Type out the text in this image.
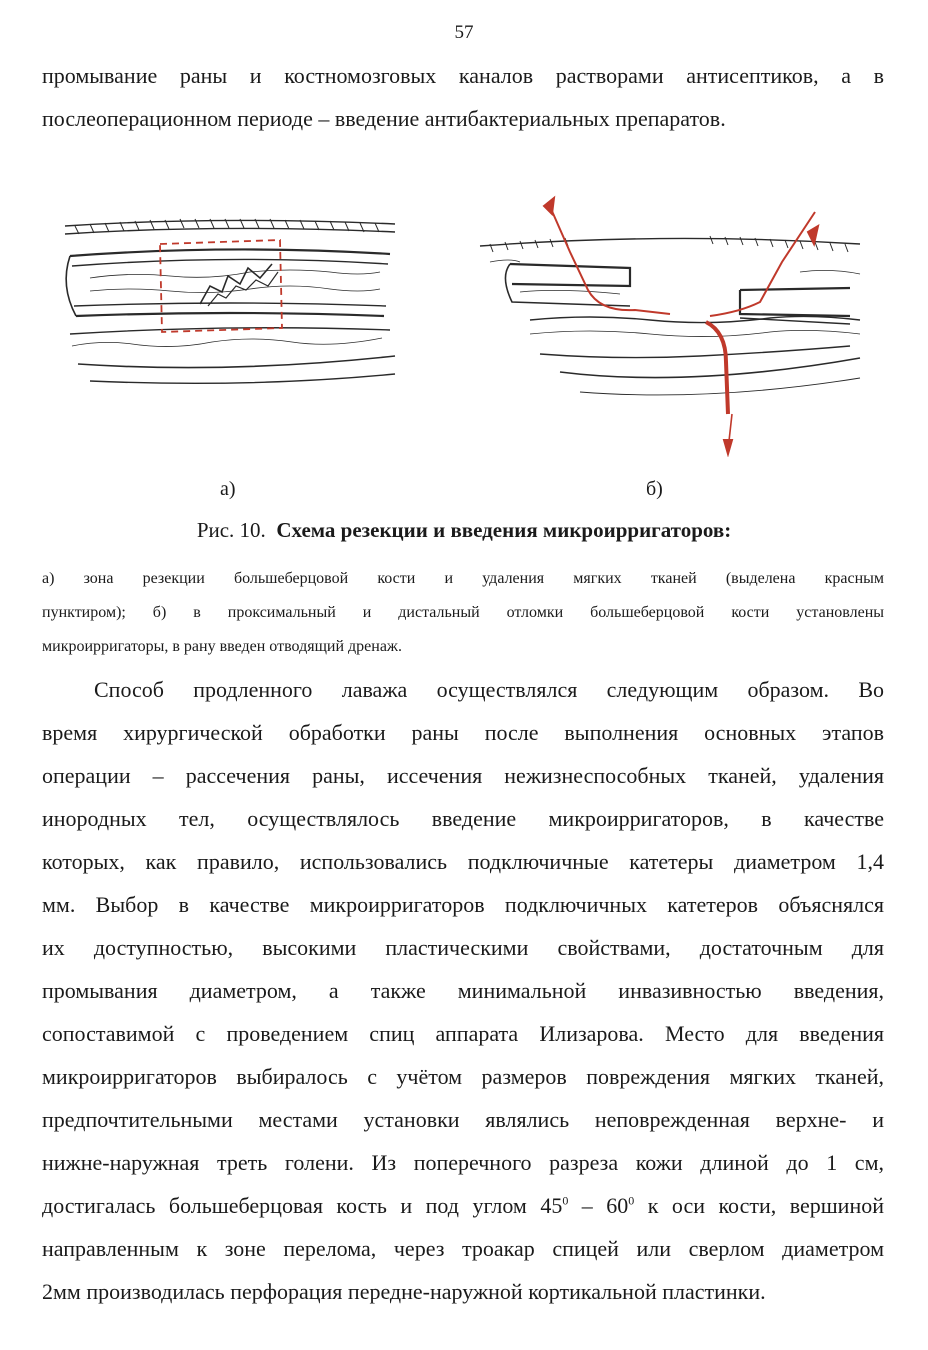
57
промывание раны и костномозговых каналов растворами антисептиков, а в
послеоперационном периоде – введение антибактериальных препаратов.
а)	б)
Рис. 10. Схема резекции и введения микроирригаторов:
а) зона резекции большеберцовой кости и удаления мягких тканей (выделена красным
пунктиром); б) в проксимальный и дистальный отломки большеберцовой кости установлены
микроирригаторы, в рану введен отводящий дренаж.
Способ продленного лаважа осуществлялся следующим образом. Во
время хирургической обработки раны после выполнения основных этапов
операции – рассечения раны, иссечения нежизнеспособных тканей, удаления
инородных тел, осуществлялось введение микроирригаторов, в качестве
которых, как правило, использовались подключичные катетеры диаметром 1,4
мм. Выбор в качестве микроирригаторов подключичных катетеров объяснялся
их доступностью, высокими пластическими свойствами, достаточным для
промывания диаметром, а также минимальной инвазивностью введения,
сопоставимой с проведением спиц аппарата Илизарова. Место для введения
микроирригаторов выбиралось с учётом размеров повреждения мягких тканей,
предпочтительными местами установки являлись неповрежденная верхне- и
нижне-наружная треть голени. Из поперечного разреза кожи длиной до 1 см,
достигалась большеберцовая кость и под углом $45^0 - 60^0$ к оси кости, вершиной
направленным к зоне перелома, через троакар спицей или сверлом диаметром
2мм производилась перфорация передне-наружной кортикальной пластинки.
